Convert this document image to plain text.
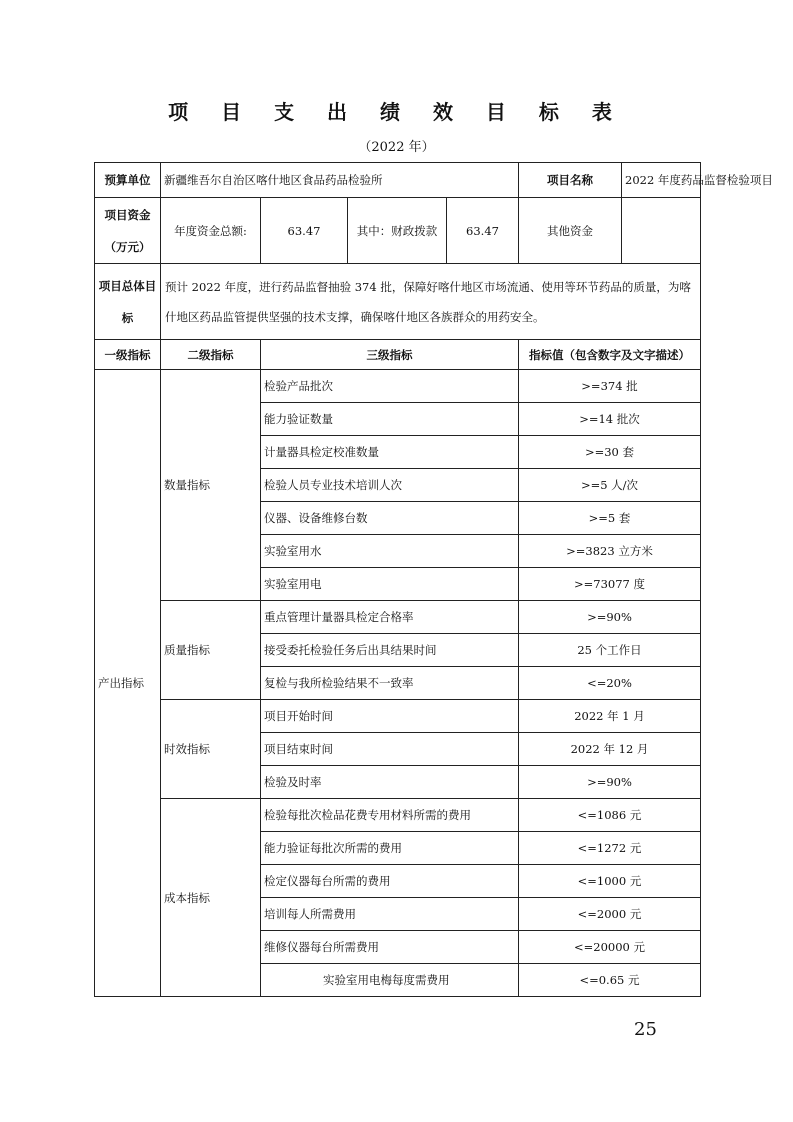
项 目 支 出 绩 效 目 标 表
（2022 年）
预算单位	新疆维吾尔自治区喀什地区食品药品检验所				项目名称	2022 年度药品监督检验项目
项目资金（万元）	年度资金总额:	63.47	其中：财政拨款	63.47	其他资金	
项目总体目标	预计 2022 年度，进行药品监督抽验 374 批，保障好喀什地区市场流通、使用等环节药品的质量，为喀什地区药品监管提供坚强的技术支撑，确保喀什地区各族群众的用药安全。					
一级指标	二级指标	三级指标			指标值（包含数字及文字描述）	
产出指标	数量指标	检验产品批次			>=374 批	
		能力验证数量			>=14 批次	
		计量器具检定校准数量			>=30 套	
		检验人员专业技术培训人次			>=5 人/次	
		仪器、设备维修台数			>=5 套	
		实验室用水			>=3823 立方米	
		实验室用电			>=73077 度	
	质量指标	重点管理计量器具检定合格率			>=90%	
		接受委托检验任务后出具结果时间			25 个工作日	
		复检与我所检验结果不一致率			<=20%	
	时效指标	项目开始时间			2022 年 1 月	
		项目结束时间			2022 年 12 月	
		检验及时率			>=90%	
	成本指标	检验每批次检品花费专用材料所需的费用			<=1086 元	
		能力验证每批次所需的费用			<=1272 元	
		检定仪器每台所需的费用			<=1000 元	
		培训每人所需费用			<=2000 元	
		维修仪器每台所需费用			<=20000 元	
		实验室用电梅每度需费用			<=0.65 元	
25
